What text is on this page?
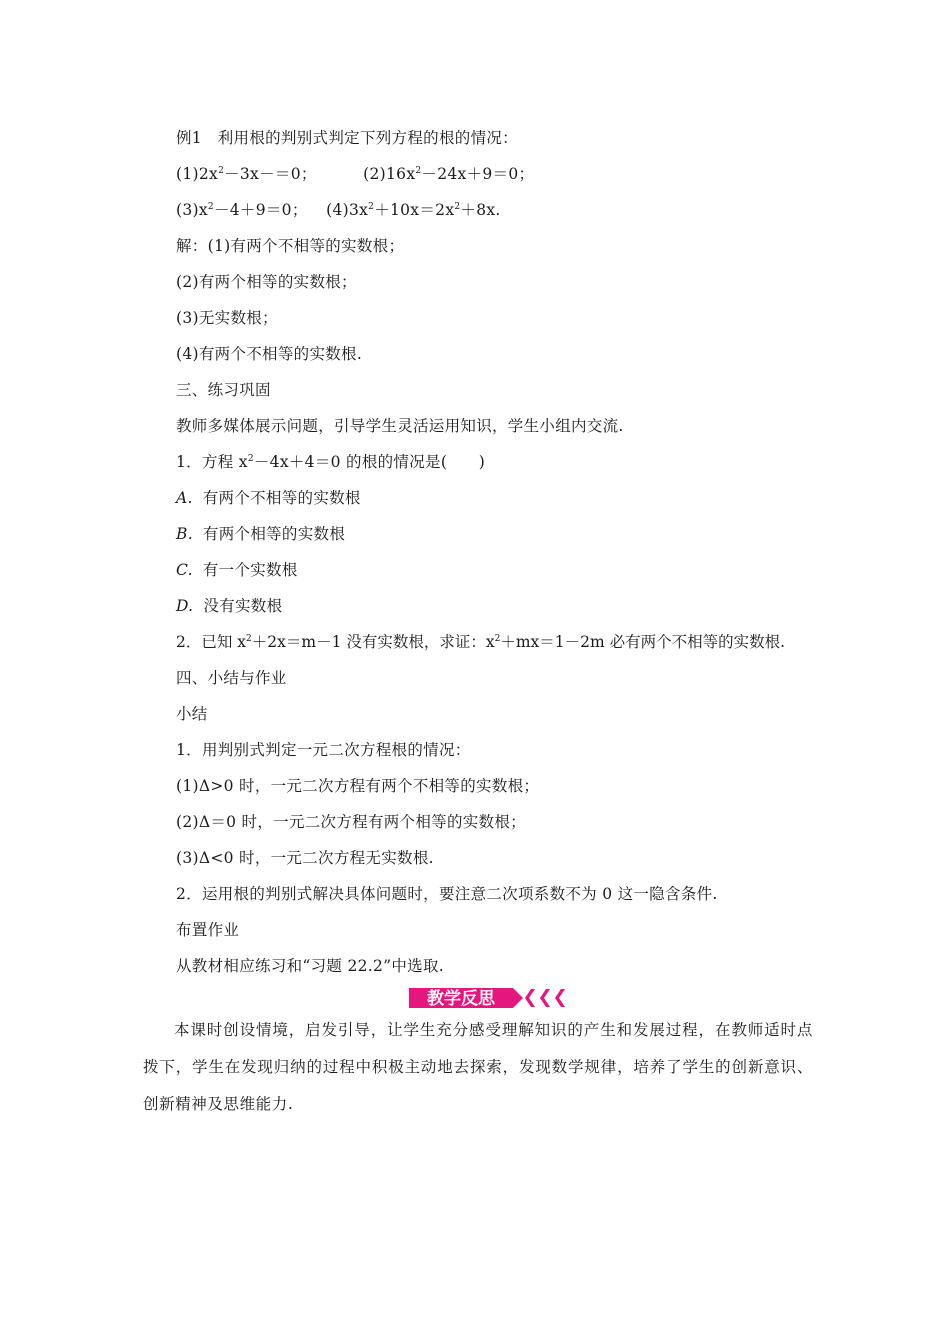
例1　利用根的判别式判定下列方程的根的情况：
$(1)2x^2-3x-=0$；	$(2)16x^2-24x+9=0$；
$(3)x^2-4+9=0$； $(4)3x^2+10x=2x^2+8x$.
解：(1)有两个不相等的实数根；
(2)有两个相等的实数根；
(3)无实数根；
(4)有两个不相等的实数根.
三、练习巩固
教师多媒体展示问题，引导学生灵活运用知识，学生小组内交流.
1．方程 $x^2-4x+4=0$ 的根的情况是(　　)
A. 有两个不相等的实数根
B. 有两个相等的实数根
C. 有一个实数根
D. 没有实数根
2．已知 $x^2+2x=m-1$ 没有实数根，求证：$x^2+mx=1-2m$ 必有两个不相等的实数根.
四、小结与作业
小结
1．用判别式判定一元二次方程根的情况：
(1)Δ>0 时，一元二次方程有两个不相等的实数根；
(2)Δ＝0 时，一元二次方程有两个相等的实数根；
(3)Δ<0 时，一元二次方程无实数根.
2．运用根的判别式解决具体问题时，要注意二次项系数不为 0 这一隐含条件.
布置作业
从教材相应练习和“习题 22.2”中选取.
教学反思
本课时创设情境，启发引导，让学生充分感受理解知识的产生和发展过程，在教师适时点拨下，学生在发现归纳的过程中积极主动地去探索，发现数学规律，培养了学生的创新意识、创新精神及思维能力.
